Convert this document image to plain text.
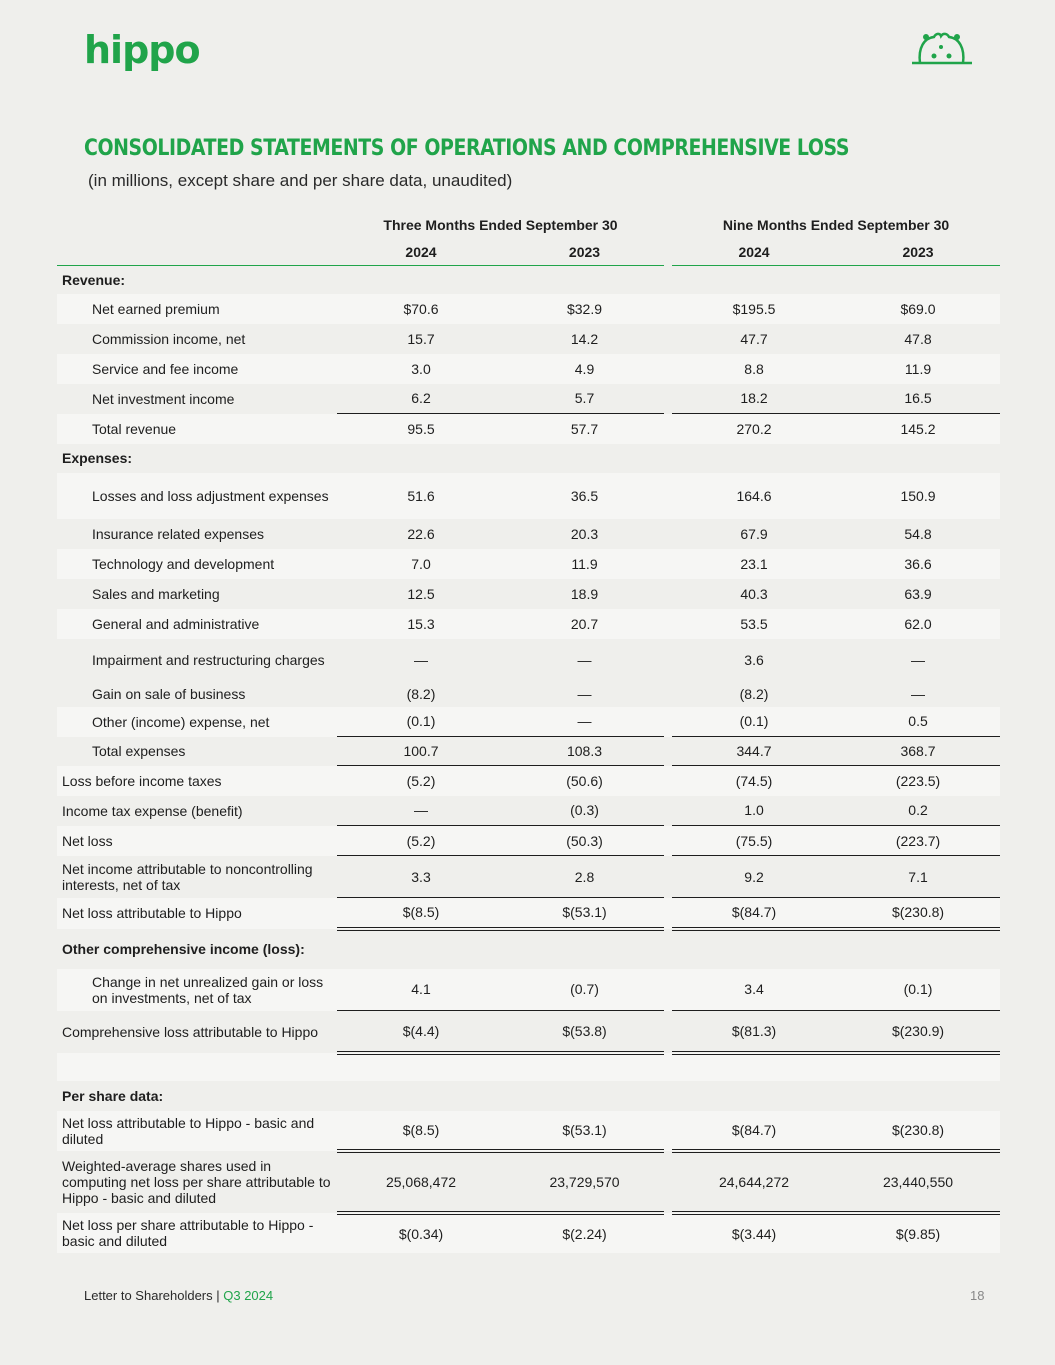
hippo
CONSOLIDATED STATEMENTS OF OPERATIONS AND COMPREHENSIVE LOSS
(in millions, except share and per share data, unaudited)
	Three Months Ended September 30			Nine Months Ended September 30	
	2024	2023		2024	2023
Revenue:					
Net earned premium	$70.6	$32.9		$195.5	$69.0
Commission income, net	15.7	14.2		47.7	47.8
Service and fee income	3.0	4.9		8.8	11.9
Net investment income	6.2	5.7		18.2	16.5
Total revenue	95.5	57.7		270.2	145.2
Expenses:					
Losses and loss adjustment expenses	51.6	36.5		164.6	150.9
Insurance related expenses	22.6	20.3		67.9	54.8
Technology and development	7.0	11.9		23.1	36.6
Sales and marketing	12.5	18.9		40.3	63.9
General and administrative	15.3	20.7		53.5	62.0
Impairment and restructuring charges	—	—		3.6	—
Gain on sale of business	(8.2)	—		(8.2)	—
Other (income) expense, net	(0.1)	—		(0.1)	0.5
Total expenses	100.7	108.3		344.7	368.7
Loss before income taxes	(5.2)	(50.6)		(74.5)	(223.5)
Income tax expense (benefit)	—	(0.3)		1.0	0.2
Net loss	(5.2)	(50.3)		(75.5)	(223.7)
Net income attributable to noncontrolling interests, net of tax	3.3	2.8		9.2	7.1
Net loss attributable to Hippo	$(8.5)	$(53.1)		$(84.7)	$(230.8)
Other comprehensive income (loss):					
Change in net unrealized gain or loss on investments, net of tax	4.1	(0.7)		3.4	(0.1)
Comprehensive loss attributable to Hippo	$(4.4)	$(53.8)		$(81.3)	$(230.9)

Per share data:					
Net loss attributable to Hippo - basic and diluted	$(8.5)	$(53.1)		$(84.7)	$(230.8)
Weighted-average shares used in computing net loss per share attributable to Hippo - basic and diluted	25,068,472	23,729,570		24,644,272	23,440,550
Net loss per share attributable to Hippo - basic and diluted	$(0.34)	$(2.24)		$(3.44)	$(9.85)
Letter to Shareholders | Q3 2024	18
